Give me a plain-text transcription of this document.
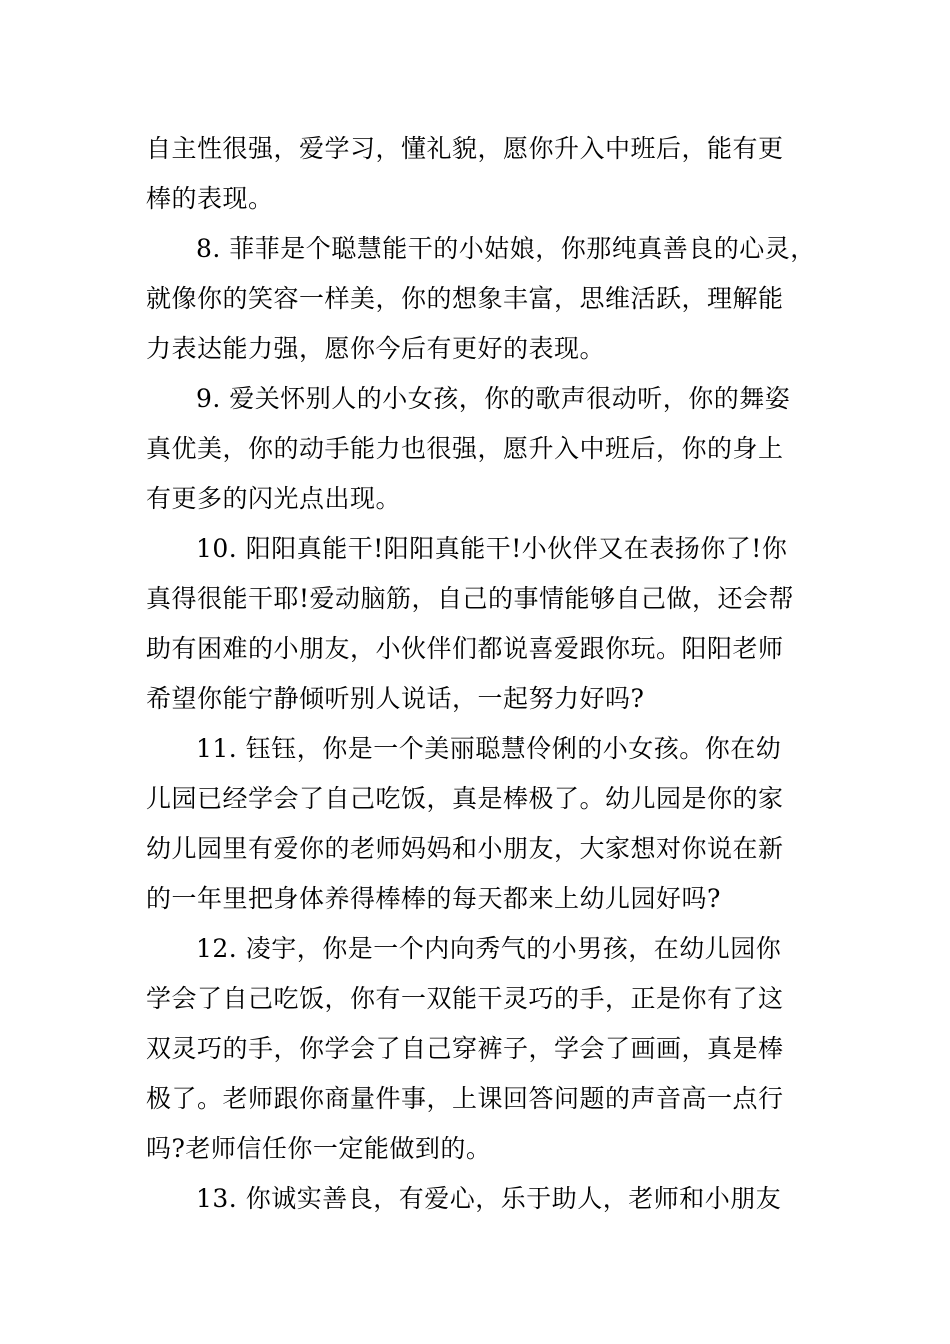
自主性很强，爱学习，懂礼貌，愿你升入中班后，能有更
棒的表现。
8. 菲菲是个聪慧能干的小姑娘，你那纯真善良的心灵，
就像你的笑容一样美，你的想象丰富，思维活跃，理解能
力表达能力强，愿你今后有更好的表现。
9. 爱关怀别人的小女孩，你的歌声很动听，你的舞姿
真优美，你的动手能力也很强，愿升入中班后，你的身上
有更多的闪光点出现。
10. 阳阳真能干!阳阳真能干!小伙伴又在表扬你了!你
真得很能干耶!爱动脑筋，自己的事情能够自己做，还会帮
助有困难的小朋友，小伙伴们都说喜爱跟你玩。阳阳老师
希望你能宁静倾听别人说话，一起努力好吗?
11. 钰钰，你是一个美丽聪慧伶俐的小女孩。你在幼
儿园已经学会了自己吃饭，真是棒极了。幼儿园是你的家
幼儿园里有爱你的老师妈妈和小朋友，大家想对你说在新
的一年里把身体养得棒棒的每天都来上幼儿园好吗?
12. 凌宇，你是一个内向秀气的小男孩，在幼儿园你
学会了自己吃饭，你有一双能干灵巧的手，正是你有了这
双灵巧的手，你学会了自己穿裤子，学会了画画，真是棒
极了。老师跟你商量件事，上课回答问题的声音高一点行
吗?老师信任你一定能做到的。
13. 你诚实善良，有爱心，乐于助人，老师和小朋友
